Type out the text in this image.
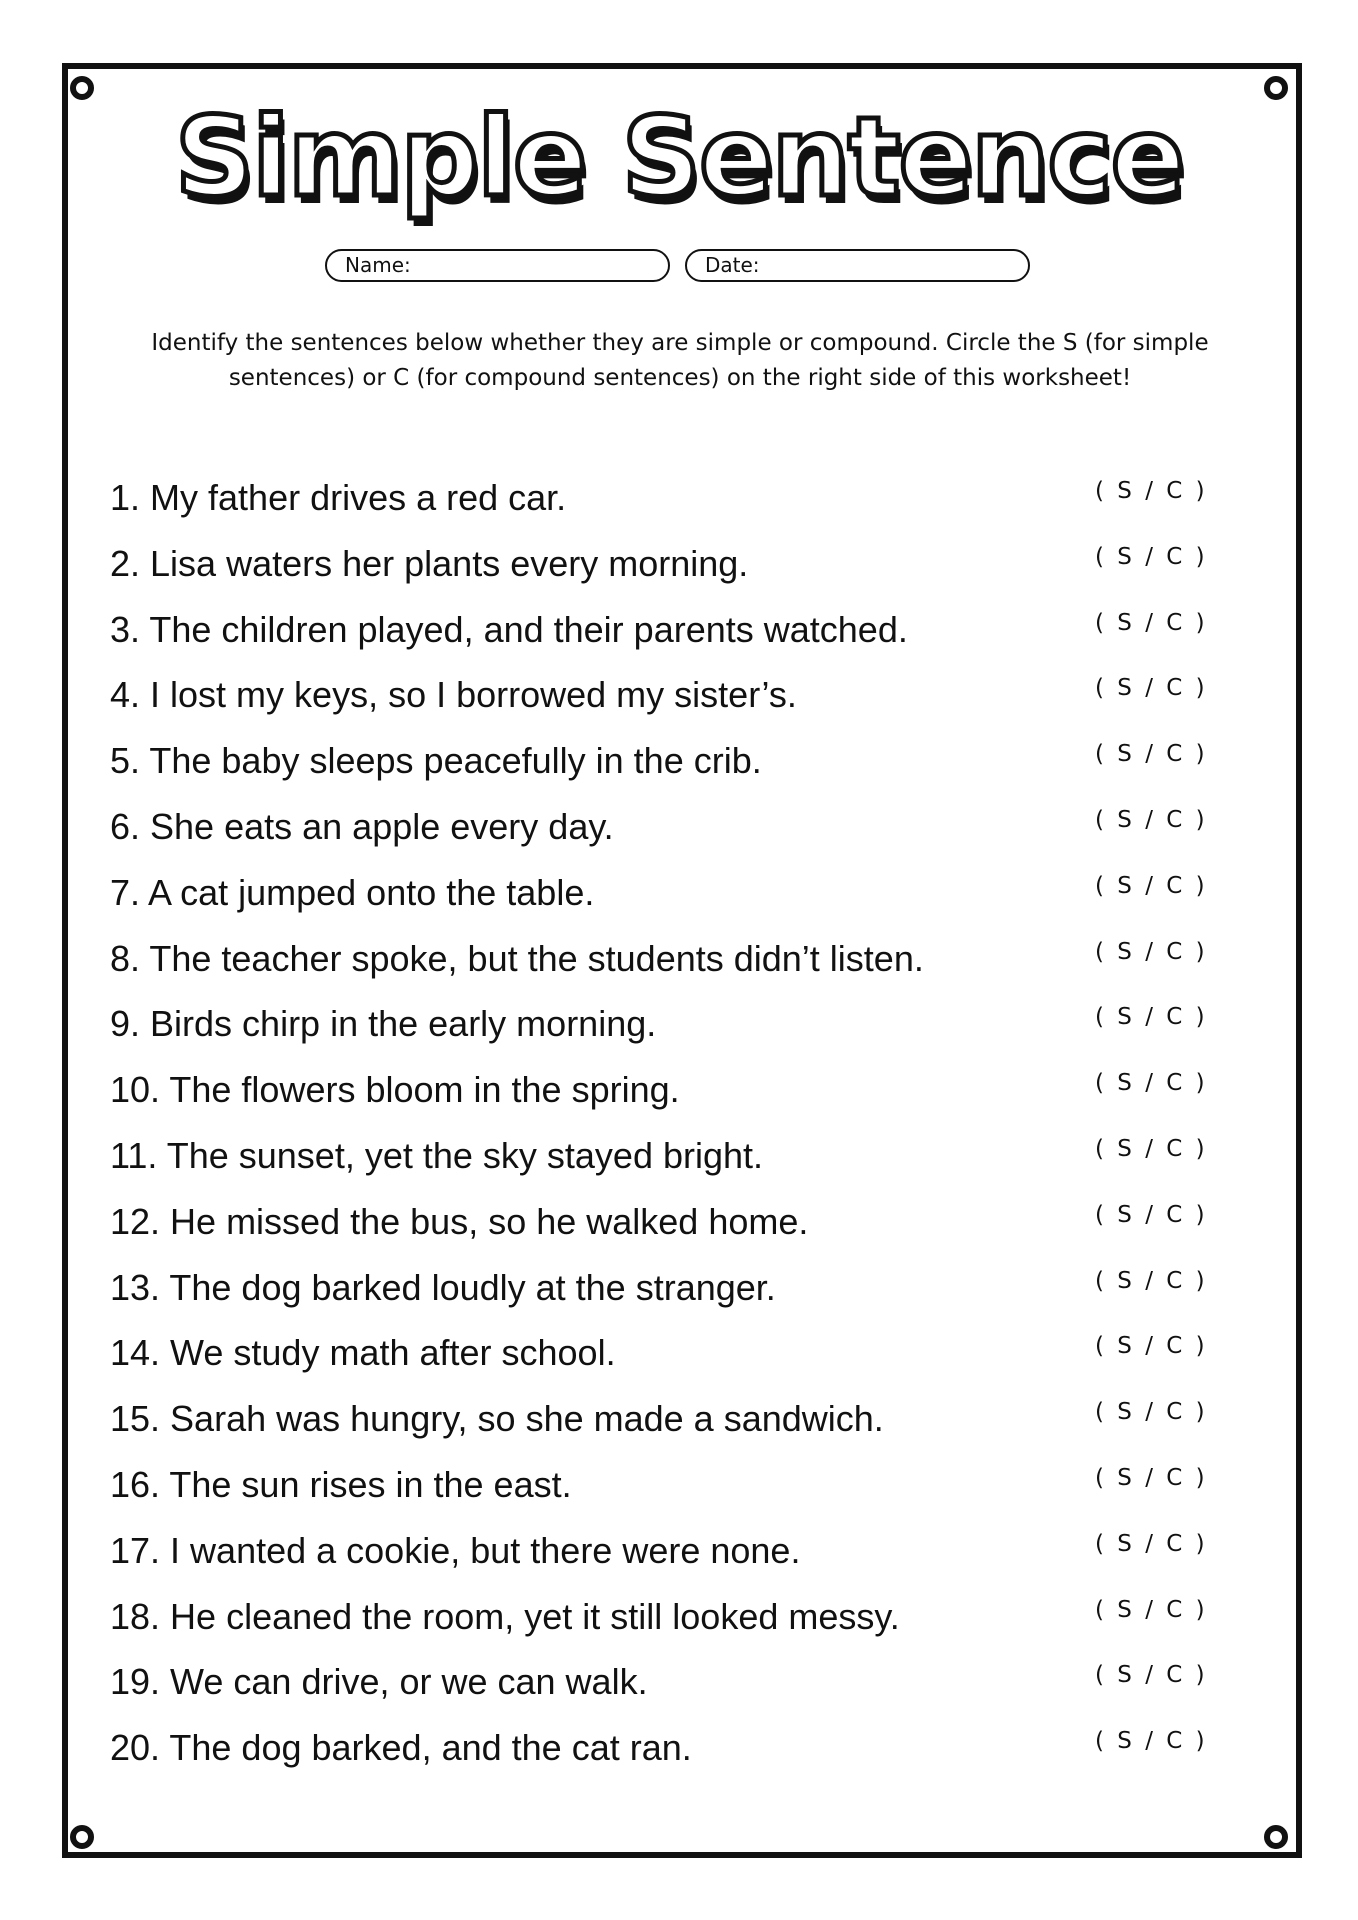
Simple Sentence
Name:	Date:
Identify the sentences below whether they are simple or compound. Circle the S (for simple sentences) or C (for compound sentences) on the right side of this worksheet!
1. My father drives a red car.	( S / C )
2. Lisa waters her plants every morning.	( S / C )
3. The children played, and their parents watched.	( S / C )
4. I lost my keys, so I borrowed my sister’s.	( S / C )
5. The baby sleeps peacefully in the crib.	( S / C )
6. She eats an apple every day.	( S / C )
7. A cat jumped onto the table.	( S / C )
8. The teacher spoke, but the students didn’t listen.	( S / C )
9. Birds chirp in the early morning.	( S / C )
10. The flowers bloom in the spring.	( S / C )
11. The sunset, yet the sky stayed bright.	( S / C )
12. He missed the bus, so he walked home.	( S / C )
13. The dog barked loudly at the stranger.	( S / C )
14. We study math after school.	( S / C )
15. Sarah was hungry, so she made a sandwich.	( S / C )
16. The sun rises in the east.	( S / C )
17. I wanted a cookie, but there were none.	( S / C )
18. He cleaned the room, yet it still looked messy.	( S / C )
19. We can drive, or we can walk.	( S / C )
20. The dog barked, and the cat ran.	( S / C )
